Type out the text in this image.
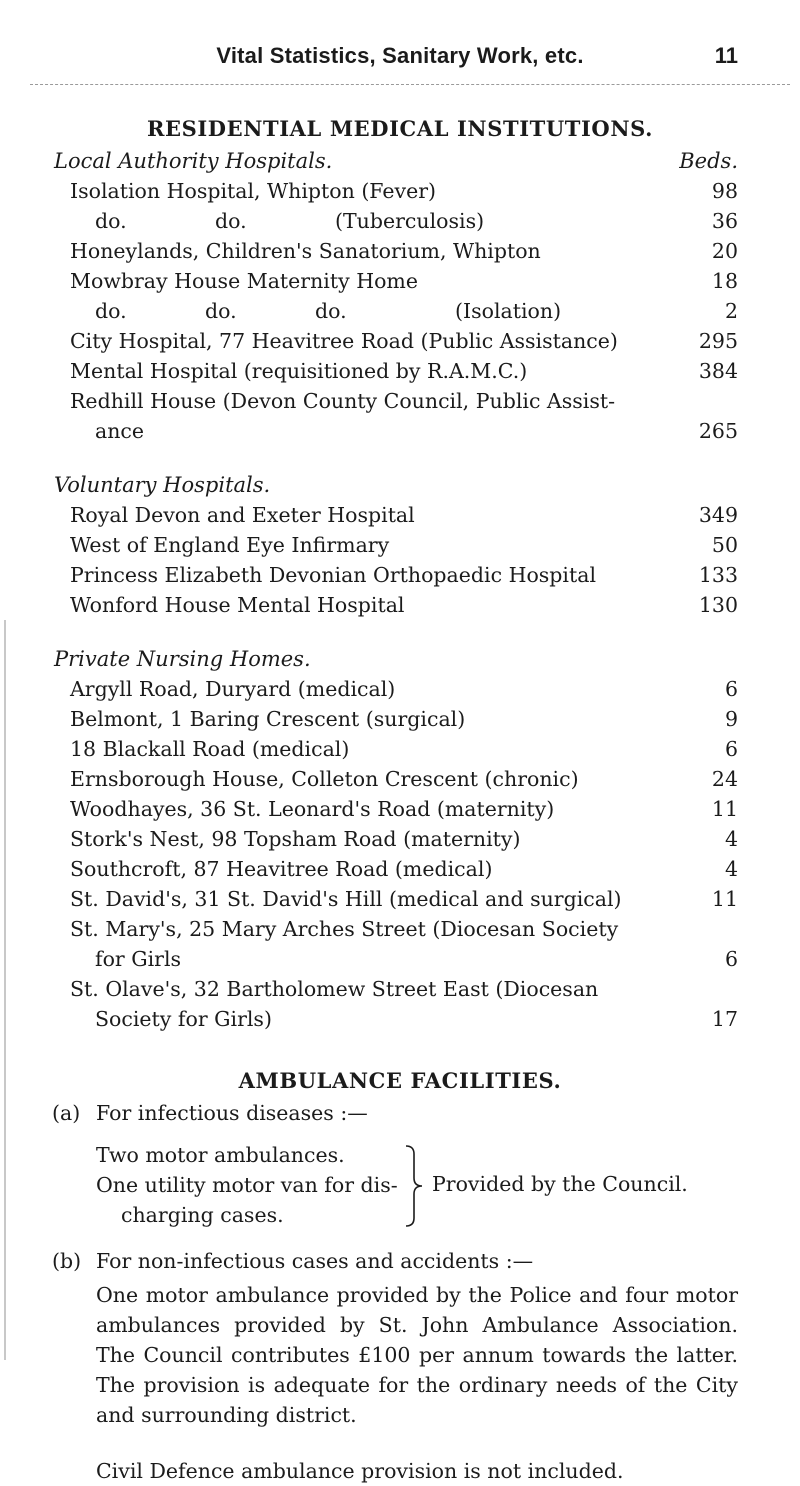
Vital Statistics, Sanitary Work, etc.	11
RESIDENTIAL MEDICAL INSTITUTIONS.
Local Authority Hospitals.	Beds.
Isolation Hospital, Whipton (Fever)	98
do.	do.	(Tuberculosis)	36
Honeylands, Children's Sanatorium, Whipton	20
Mowbray House Maternity Home	18
do.	do.	do.	(Isolation)	2
City Hospital, 77 Heavitree Road (Public Assistance)	295
Mental Hospital (requisitioned by R.A.M.C.)	384
Redhill House (Devon County Council, Public Assist-
ance	265
Voluntary Hospitals.
Royal Devon and Exeter Hospital	349
West of England Eye Infirmary	50
Princess Elizabeth Devonian Orthopaedic Hospital	133
Wonford House Mental Hospital	130
Private Nursing Homes.
Argyll Road, Duryard (medical)	6
Belmont, 1 Baring Crescent (surgical)	9
18 Blackall Road (medical)	6
Ernsborough House, Colleton Crescent (chronic)	24
Woodhayes, 36 St. Leonard's Road (maternity)	11
Stork's Nest, 98 Topsham Road (maternity)	4
Southcroft, 87 Heavitree Road (medical)	4
St. David's, 31 St. David's Hill (medical and surgical)	11
St. Mary's, 25 Mary Arches Street (Diocesan Society
for Girls	6
St. Olave's, 32 Bartholomew Street East (Diocesan
Society for Girls)	17
AMBULANCE FACILITIES.
(a) For infectious diseases :—
Two motor ambulances.
One utility motor van for dis-
charging cases.
Provided by the Council.
(b) For non-infectious cases and accidents :—

One motor ambulance provided by the Police and four motor ambulances provided by St. John Ambulance Association. The Council contributes £100 per annum towards the latter. The provision is adequate for the ordinary needs of the City and surrounding district.

Civil Defence ambulance provision is not included.
